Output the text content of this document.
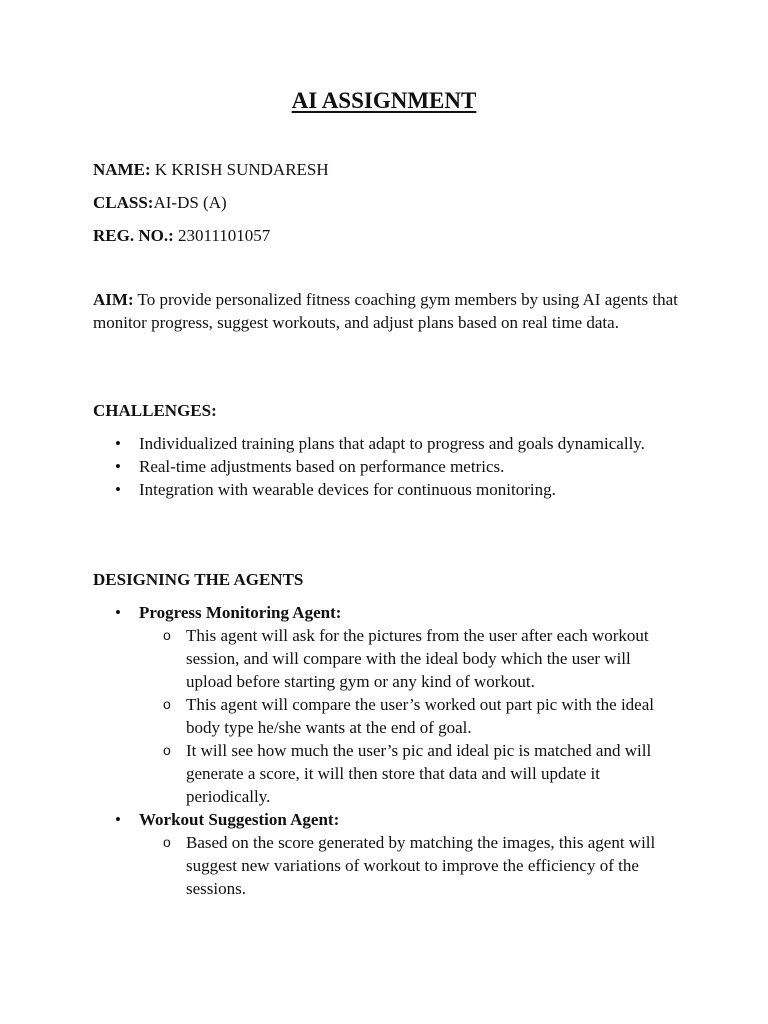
AI ASSIGNMENT

NAME: K KRISH SUNDARESH

CLASS:AI-DS (A)

REG. NO.: 23011101057

AIM: To provide personalized fitness coaching gym members by using AI agents that monitor progress, suggest workouts, and adjust plans based on real time data.

CHALLENGES:

• Individualized training plans that adapt to progress and goals dynamically.
• Real-time adjustments based on performance metrics.
• Integration with wearable devices for continuous monitoring.

DESIGNING THE AGENTS

• Progress Monitoring Agent:
o This agent will ask for the pictures from the user after each workout session, and will compare with the ideal body which the user will upload before starting gym or any kind of workout.
o This agent will compare the user’s worked out part pic with the ideal body type he/she wants at the end of goal.
o It will see how much the user’s pic and ideal pic is matched and will generate a score, it will then store that data and will update it periodically.
• Workout Suggestion Agent:
o Based on the score generated by matching the images, this agent will suggest new variations of workout to improve the efficiency of the sessions.
